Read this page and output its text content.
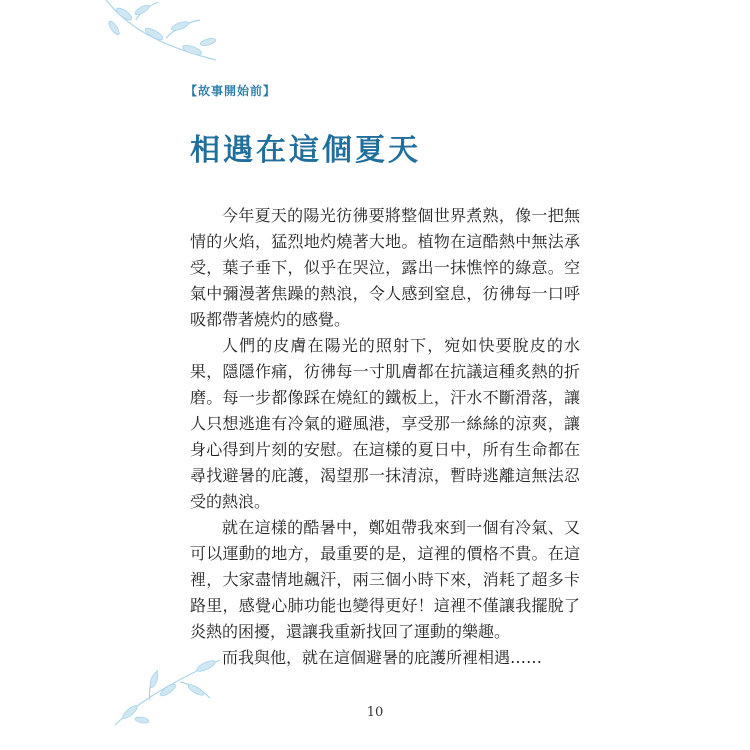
【故事開始前】
相遇在這個夏天

今年夏天的陽光彷彿要將整個世界煮熟，像一把無情的火焰，猛烈地灼燒著大地。植物在這酷熱中無法承受，葉子垂下，似乎在哭泣，露出一抹憔悴的綠意。空氣中彌漫著焦躁的熱浪，令人感到窒息，彷彿每一口呼吸都帶著燒灼的感覺。

人們的皮膚在陽光的照射下，宛如快要脫皮的水果，隱隱作痛，彷彿每一寸肌膚都在抗議這種炙熱的折磨。每一步都像踩在燒紅的鐵板上，汗水不斷滑落，讓人只想逃進有冷氣的避風港，享受那一絲絲的涼爽，讓身心得到片刻的安慰。在這樣的夏日中，所有生命都在尋找避暑的庇護，渴望那一抹清涼，暫時逃離這無法忍受的熱浪。

就在這樣的酷暑中，鄭姐帶我來到一個有冷氣、又可以運動的地方，最重要的是，這裡的價格不貴。在這裡，大家盡情地飆汗，兩三個小時下來，消耗了超多卡路里，感覺心肺功能也變得更好！這裡不僅讓我擺脫了炎熱的困擾，還讓我重新找回了運動的樂趣。

而我與他，就在這個避暑的庇護所裡相遇……

10
